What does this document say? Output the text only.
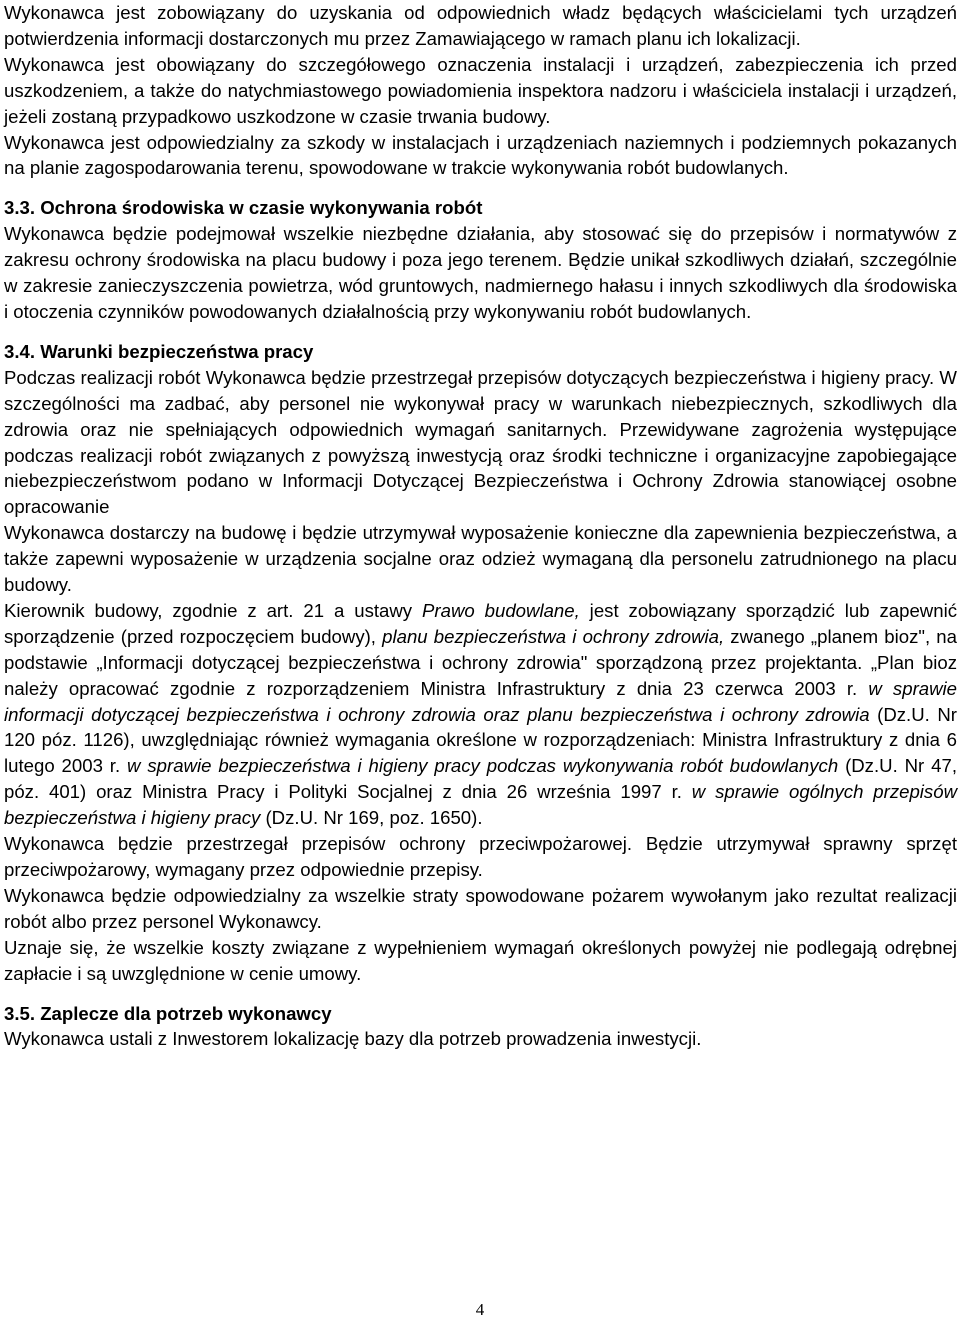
Wykonawca jest zobowiązany do uzyskania od odpowiednich władz będących właścicielami tych urządzeń potwierdzenia informacji dostarczonych mu przez Zamawiającego w ramach planu ich lokalizacji.

Wykonawca jest obowiązany do szczegółowego oznaczenia instalacji i urządzeń, zabezpieczenia ich przed uszkodzeniem, a także do natychmiastowego powiadomienia inspektora nadzoru i właściciela instalacji i urządzeń, jeżeli zostaną przypadkowo uszkodzone w czasie trwania budowy.

Wykonawca jest odpowiedzialny za szkody w instalacjach i urządzeniach naziemnych i podziemnych pokazanych na planie zagospodarowania terenu, spowodowane w trakcie wykonywania robót budowlanych.

3.3. Ochrona środowiska w czasie wykonywania robót

Wykonawca będzie podejmował wszelkie niezbędne działania, aby stosować się do przepisów i normatywów z zakresu ochrony środowiska na placu budowy i poza jego terenem. Będzie unikał szkodliwych działań, szczególnie w zakresie zanieczyszczenia powietrza, wód gruntowych, nadmiernego hałasu i innych szkodliwych dla środowiska i otoczenia czynników powodowanych działalnością przy wykonywaniu robót budowlanych.

3.4. Warunki bezpieczeństwa pracy

Podczas realizacji robót Wykonawca będzie przestrzegał przepisów dotyczących bezpieczeństwa i higieny pracy. W szczególności ma zadbać, aby personel nie wykonywał pracy w warunkach niebezpiecznych, szkodliwych dla zdrowia oraz nie spełniających odpowiednich wymagań sanitarnych. Przewidywane zagrożenia występujące podczas realizacji robót związanych z powyższą inwestycją oraz środki techniczne i organizacyjne zapobiegające niebezpieczeństwom podano w Informacji Dotyczącej Bezpieczeństwa i Ochrony Zdrowia stanowiącej osobne opracowanie

Wykonawca dostarczy na budowę i będzie utrzymywał wyposażenie konieczne dla zapewnienia bezpieczeństwa, a także zapewni wyposażenie w urządzenia socjalne oraz odzież wymaganą dla personelu zatrudnionego na placu budowy.

Kierownik budowy, zgodnie z art. 21 a ustawy Prawo budowlane, jest zobowiązany sporządzić lub zapewnić sporządzenie (przed rozpoczęciem budowy), planu bezpieczeństwa i ochrony zdrowia, zwanego „planem bioz", na podstawie „Informacji dotyczącej bezpieczeństwa i ochrony zdrowia" sporządzoną przez projektanta. „Plan bioz należy opracować zgodnie z rozporządzeniem Ministra Infrastruktury z dnia 23 czerwca 2003 r. w sprawie informacji dotyczącej bezpieczeństwa i ochrony zdrowia oraz planu bezpieczeństwa i ochrony zdrowia (Dz.U. Nr 120 póz. 1126), uwzględniając również wymagania określone w rozporządzeniach: Ministra Infrastruktury z dnia 6 lutego 2003 r. w sprawie bezpieczeństwa i higieny pracy podczas wykonywania robót budowlanych (Dz.U. Nr 47, póz. 401) oraz Ministra Pracy i Polityki Socjalnej z dnia 26 września 1997 r. w sprawie ogólnych przepisów bezpieczeństwa i higieny pracy (Dz.U. Nr 169, poz. 1650).

Wykonawca będzie przestrzegał przepisów ochrony przeciwpożarowej. Będzie utrzymywał sprawny sprzęt przeciwpożarowy, wymagany przez odpowiednie przepisy.

Wykonawca będzie odpowiedzialny za wszelkie straty spowodowane pożarem wywołanym jako rezultat realizacji robót albo przez personel Wykonawcy.

Uznaje się, że wszelkie koszty związane z wypełnieniem wymagań określonych powyżej nie podlegają odrębnej zapłacie i są uwzględnione w cenie umowy.

3.5. Zaplecze dla potrzeb wykonawcy

Wykonawca ustali z Inwestorem lokalizację bazy dla potrzeb prowadzenia inwestycji.

4
